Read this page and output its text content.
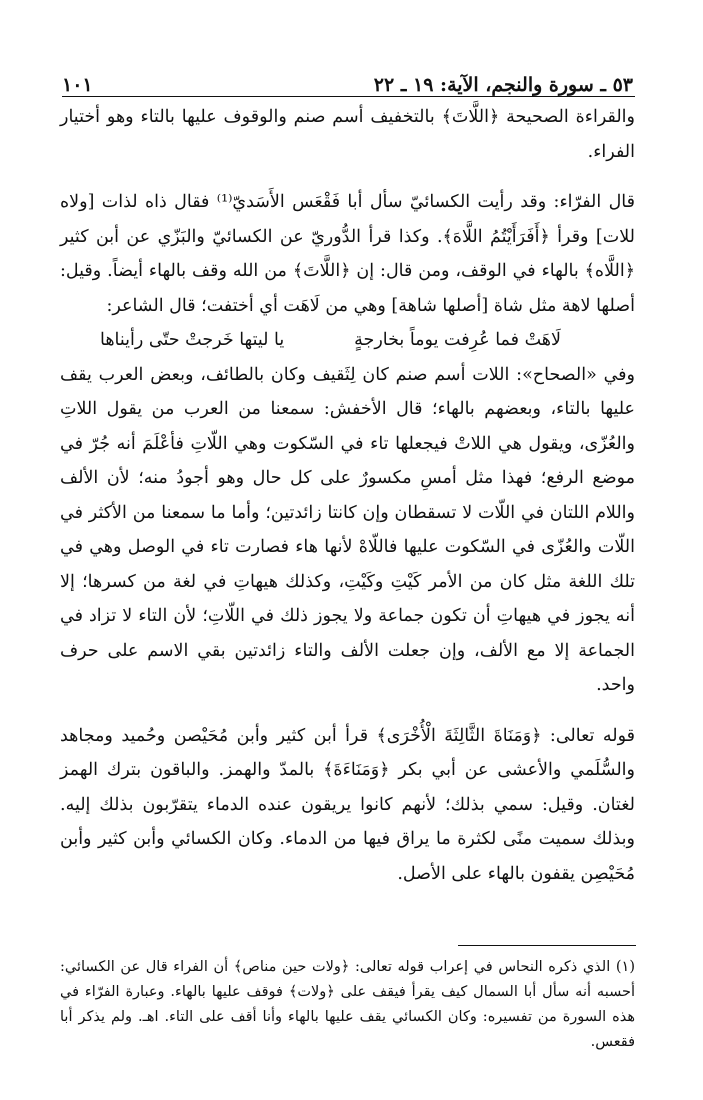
٥٣ ـ سورة والنجم، الآية: ١٩ ـ ٢٢
١٠١

والقراءة الصحيحة ﴿اللَّاتَ﴾ بالتخفيف أسم صنم والوقوف عليها بالتاء وهو أختيار الفراء.

قال الفرّاء: وقد رأيت الكسائيّ سأل أبا فَقْعَس الأَسَديّ⁽¹⁾ فقال ذاه لذات [ولاه للات] وقرأ ﴿أَفَرَأَيْتُمُ اللَّاهَ﴾. وكذا قرأ الدُّوريّ عن الكسائيّ والبَزّي عن أبن كثير ﴿اللَّاه﴾ بالهاء في الوقف، ومن قال: إن ﴿اللَّاتَ﴾ من الله وقف بالهاء أيضاً. وقيل: أصلها لاهة مثل شاة [أصلها شاهة] وهي من لَاهَت أي أختفت؛ قال الشاعر:

لَاهَتْ فما عُرِفت يوماً بخارجةٍ
يا ليتها خَرجتْ حتّى رأيناها

وفي «الصحاح»: اللات أسم صنم كان لِثَقيف وكان بالطائف، وبعض العرب يقف عليها بالتاء، وبعضهم بالهاء؛ قال الأخفش: سمعنا من العرب من يقول اللاتِ والعُزّى، ويقول هي اللاتْ فيجعلها تاء في السّكوت وهي اللّاتِ فأعْلَمَ أنه جُرّ في موضع الرفع؛ فهذا مثل أمسِ مكسورٌ على كل حال وهو أجودُ منه؛ لأن الألف واللام اللتان في اللّات لا تسقطان وإن كانتا زائدتين؛ وأما ما سمعنا من الأكثر في اللّات والعُزّى في السّكوت عليها فاللّاهْ لأنها هاء فصارت تاء في الوصل وهي في تلك اللغة مثل كان من الأمر كَيْتِ وكَيْتِ، وكذلك هيهاتِ في لغة من كسرها؛ إلا أنه يجوز في هيهاتِ أن تكون جماعة ولا يجوز ذلك في اللّاتِ؛ لأن التاء لا تزاد في الجماعة إلا مع الألف، وإن جعلت الألف والتاء زائدتين بقي الاسم على حرف واحد.

قوله تعالى: ﴿وَمَنَاةَ الثَّالِثَةَ الْأُخْرَى﴾ قرأ أبن كثير وأبن مُحَيْصن وحُميد ومجاهد والسُّلَمي والأعشى عن أبي بكر ﴿وَمَنَاءَةَ﴾ بالمدّ والهمز. والباقون بترك الهمز لغتان. وقيل: سمي بذلك؛ لأنهم كانوا يريقون عنده الدماء يتقرّبون بذلك إليه. وبذلك سميت منًى لكثرة ما يراق فيها من الدماء. وكان الكسائي وأبن كثير وأبن مُحَيْصِن يقفون بالهاء على الأصل.

(١) الذي ذكره النحاس في إعراب قوله تعالى: ﴿ولات حين مناص﴾ أن الفراء قال عن الكسائي: أحسبه أنه سأل أبا السمال كيف يقرأ فيقف على ﴿ولات﴾ فوقف عليها بالهاء. وعبارة الفرّاء في هذه السورة من تفسيره: وكان الكسائي يقف عليها بالهاء وأنا أقف على التاء. اهـ. ولم يذكر أبا فقعس.
